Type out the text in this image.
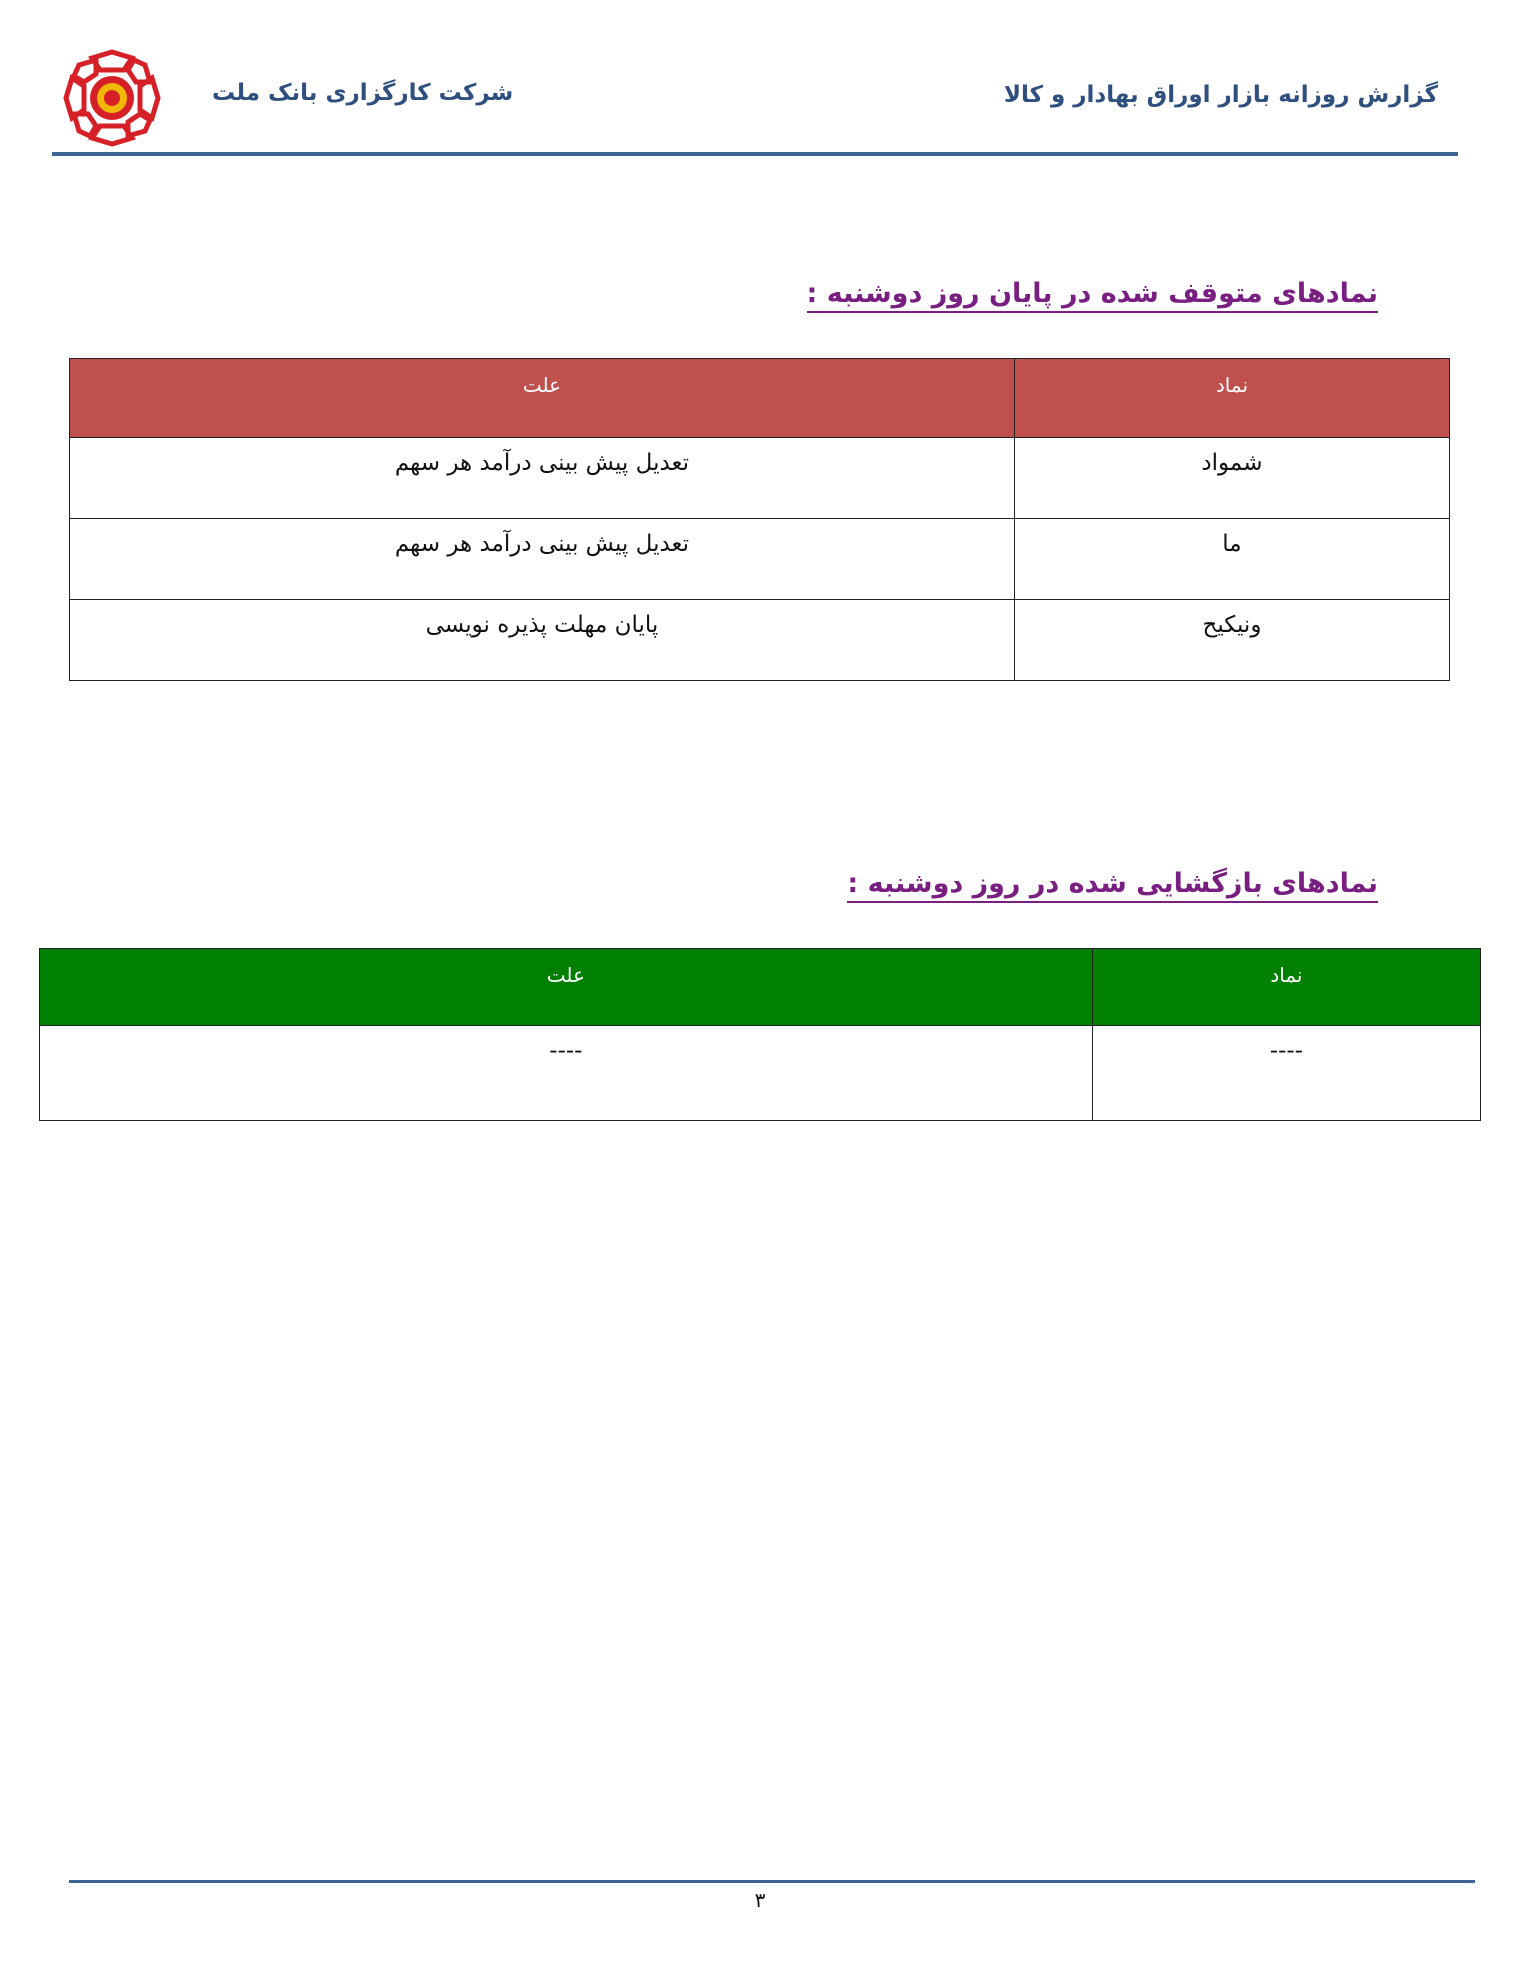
گزارش روزانه بازار اوراق بهادار و کالا
شرکت کارگزاری بانک ملت
نمادهای متوقف شده در پایان روز دوشنبه :
نماد	علت
شمواد	تعدیل پیش بینی درآمد هر سهم
ما	تعدیل پیش بینی درآمد هر سهم
ونیکیح	پایان مهلت پذیره نویسی
نمادهای بازگشایی شده در روز دوشنبه :
نماد	علت
----	----
۳
